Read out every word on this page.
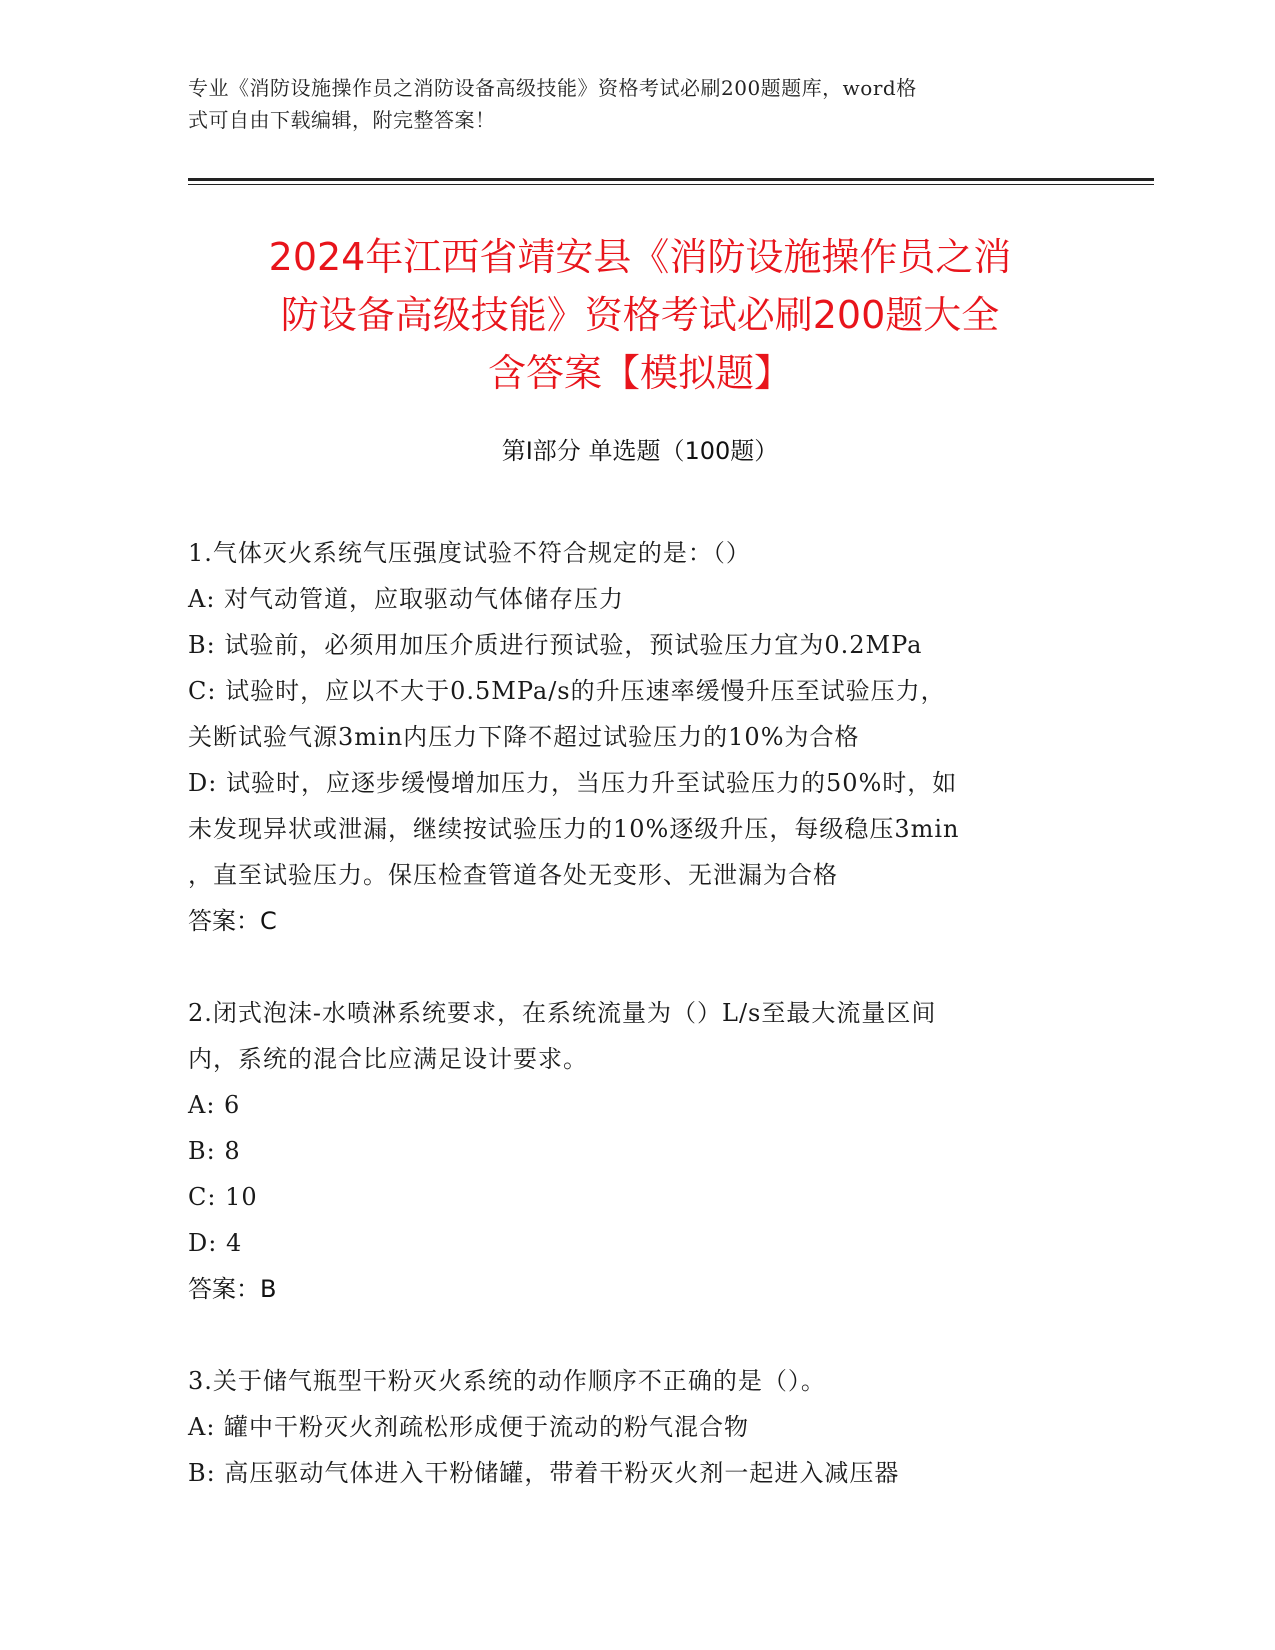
专业《消防设施操作员之消防设备高级技能》资格考试必刷200题题库，word格
式可自由下载编辑，附完整答案！
2024年江西省靖安县《消防设施操作员之消
防设备高级技能》资格考试必刷200题大全
含答案【模拟题】
第Ⅰ部分 单选题（100题）
1.气体灭火系统气压强度试验不符合规定的是：（）
A: 对气动管道，应取驱动气体储存压力
B: 试验前，必须用加压介质进行预试验，预试验压力宜为0.2MPa
C: 试验时，应以不大于0.5MPa/s的升压速率缓慢升压至试验压力，
关断试验气源3min内压力下降不超过试验压力的10%为合格
D: 试验时，应逐步缓慢增加压力，当压力升至试验压力的50%时，如
未发现异状或泄漏，继续按试验压力的10%逐级升压，每级稳压3min
，直至试验压力。保压检查管道各处无变形、无泄漏为合格
答案：C
2.闭式泡沫-水喷淋系统要求，在系统流量为（）L/s至最大流量区间
内，系统的混合比应满足设计要求。
A: 6
B: 8
C: 10
D: 4
答案：B
3.关于储气瓶型干粉灭火系统的动作顺序不正确的是（）。
A: 罐中干粉灭火剂疏松形成便于流动的粉气混合物
B: 高压驱动气体进入干粉储罐，带着干粉灭火剂一起进入减压器
